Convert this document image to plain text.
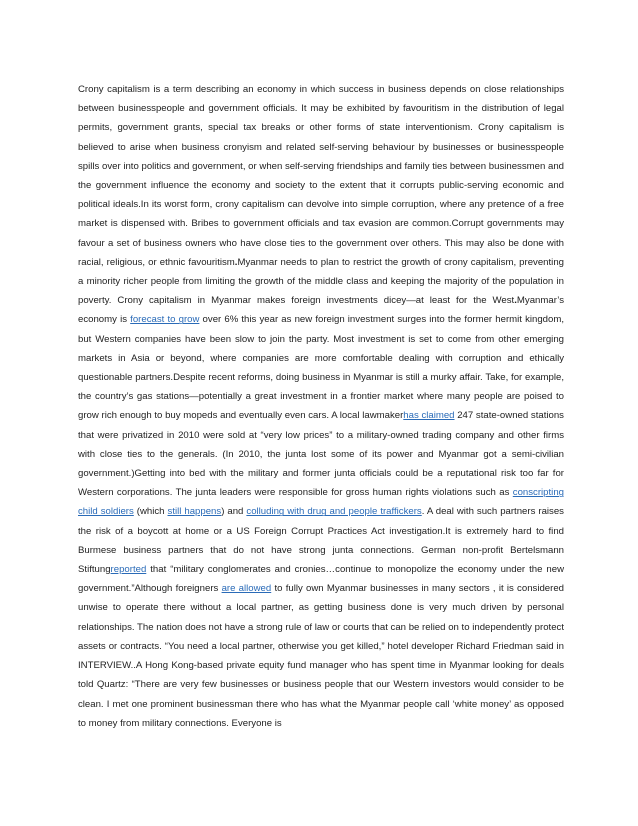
Crony capitalism is a term describing an economy in which success in business depends on close relationships between businesspeople and government officials. It may be exhibited by favouritism in the distribution of legal permits, government grants, special tax breaks or other forms of state interventionism. Crony capitalism is believed to arise when business cronyism and related self-serving behaviour by businesses or businesspeople spills over into politics and government, or when self-serving friendships and family ties between businessmen and the government influence the economy and society to the extent that it corrupts public-serving economic and political ideals.In its worst form, crony capitalism can devolve into simple corruption, where any pretence of a free market is dispensed with. Bribes to government officials and tax evasion are common.Corrupt governments may favour a set of business owners who have close ties to the government over others. This may also be done with racial, religious, or ethnic favouritism.Myanmar needs to plan to restrict the growth of crony capitalism, preventing a minority richer people from limiting the growth of the middle class and keeping the majority of the population in poverty. Crony capitalism in Myanmar makes foreign investments dicey—at least for the West.Myanmar’s economy is forecast to grow over 6% this year as new foreign investment surges into the former hermit kingdom, but Western companies have been slow to join the party. Most investment is set to come from other emerging markets in Asia or beyond, where companies are more comfortable dealing with corruption and ethically questionable partners.Despite recent reforms, doing business in Myanmar is still a murky affair. Take, for example, the country’s gas stations—potentially a great investment in a frontier market where many people are poised to grow rich enough to buy mopeds and eventually even cars. A local lawmakerhas claimed 247 state-owned stations that were privatized in 2010 were sold at “very low prices” to a military-owned trading company and other firms with close ties to the generals. (In 2010, the junta lost some of its power and Myanmar got a semi-civilian government.)Getting into bed with the military and former junta officials could be a reputational risk too far for Western corporations. The junta leaders were responsible for gross human rights violations such as conscripting child soldiers (which still happens) and colluding with drug and people traffickers. A deal with such partners raises the risk of a boycott at home or a US Foreign Corrupt Practices Act investigation.It is extremely hard to find Burmese business partners that do not have strong junta connections. German non-profit Bertelsmann Stiftungreported that “military conglomerates and cronies…continue to monopolize the economy under the new government.”Although foreigners are allowed to fully own Myanmar businesses in many sectors , it is considered unwise to operate there without a local partner, as getting business done is very much driven by personal relationships. The nation does not have a strong rule of law or courts that can be relied on to independently protect assets or contracts. “You need a local partner, otherwise you get killed,” hotel developer Richard Friedman said in INTERVIEW..A Hong Kong-based private equity fund manager who has spent time in Myanmar looking for deals told Quartz: “There are very few businesses or business people that our Western investors would consider to be clean. I met one prominent businessman there who has what the Myanmar people call ‘white money’ as opposed to money from military connections. Everyone is
